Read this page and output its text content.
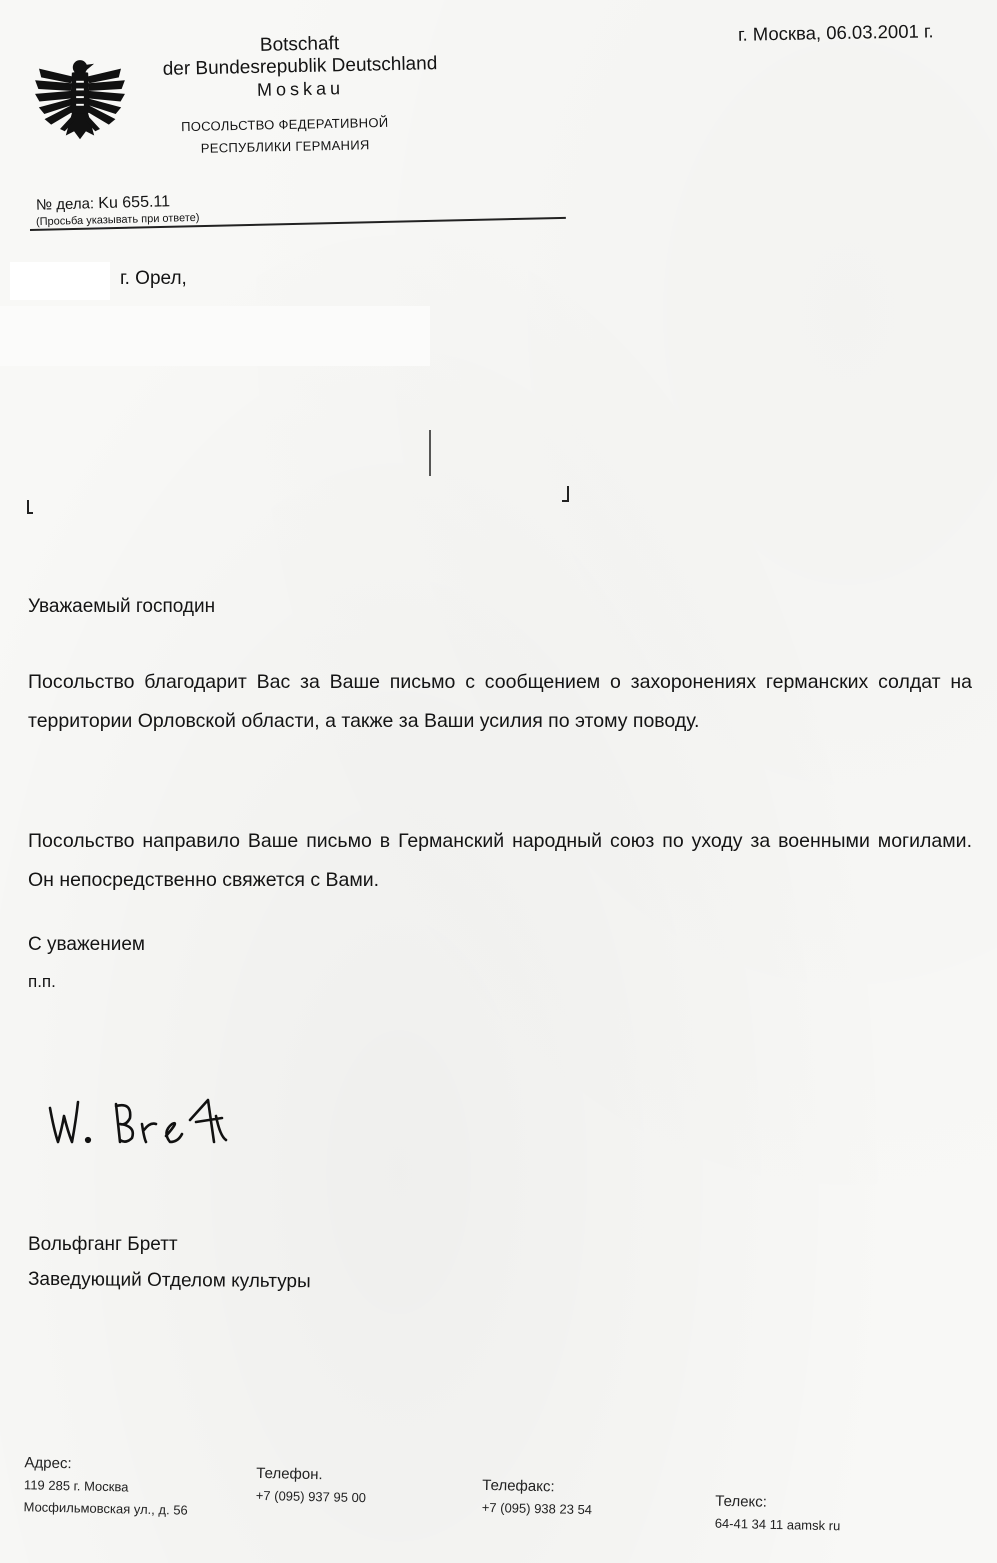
Botschaft
der Bundesrepublik Deutschland
Moskau
ПОСОЛЬСТВО ФЕДЕРАТИВНОЙ
РЕСПУБЛИКИ ГЕРМАНИЯ
г. Москва, 06.03.2001 г.
№ дела: Ku 655.11
(Просьба указывать при ответе)
г. Орел,
Уважаемый господин
Посольство благодарит Вас за Ваше письмо с сообщением о захоронениях германских солдат на территории Орловской области, а также за Ваши усилия по этому поводу.
Посольство направило Ваше письмо в Германский народный союз по уходу за военными могилами. Он непосредственно свяжется с Вами.
С уважением
п.п.
Вольфганг Бретт
Заведующий Отделом культуры
Адрес:
119 285 г. Москва
Мосфильмовская ул., д. 56
Телефон.
+7 (095) 937 95 00
Телефакс:
+7 (095) 938 23 54	Телекс:
64-41 34 11 aamsk ru
